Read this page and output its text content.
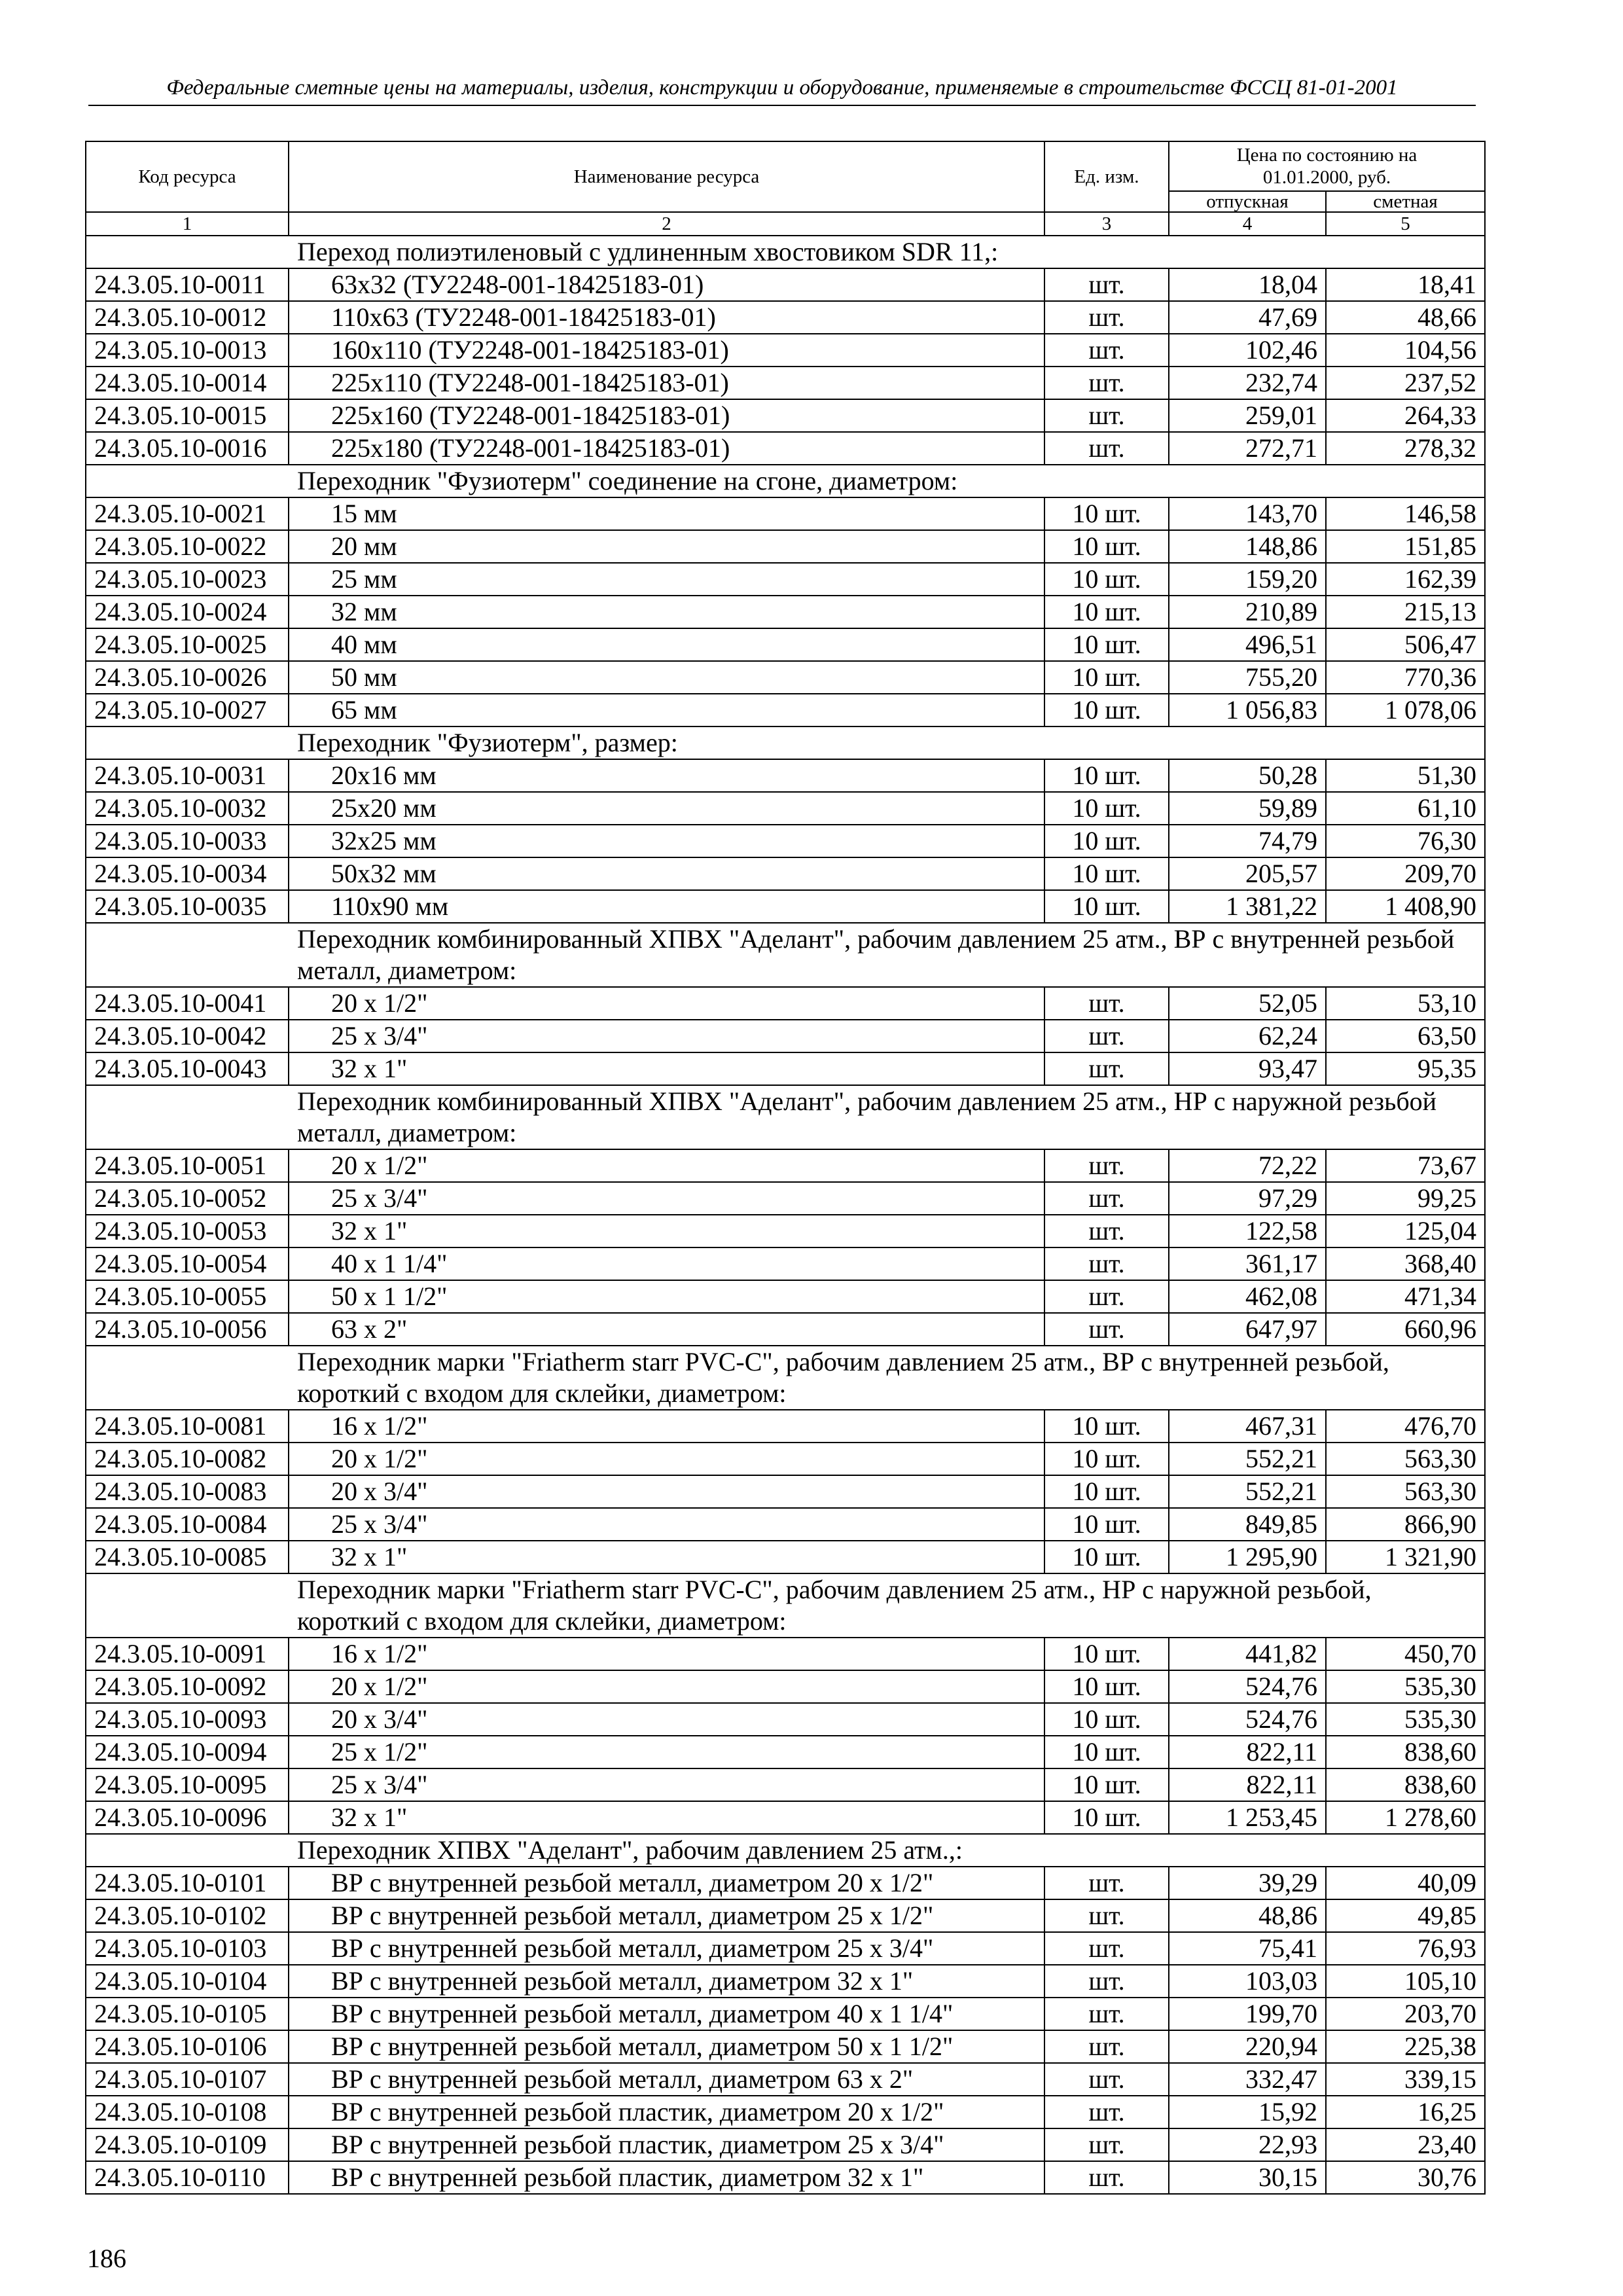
Федеральные сметные цены на материалы, изделия, конструкции и оборудование, применяемые в строительстве ФССЦ 81-01-2001
Код ресурса	Наименование ресурса	Ед. изм.	Цена по состоянию на 01.01.2000, руб.	
			отпускная	сметная
1	2	3	4	5
Переход полиэтиленовый с удлиненным хвостовиком SDR 11,:				
24.3.05.10-0011	63х32 (ТУ2248-001-18425183-01)	шт.	18,04	18,41
24.3.05.10-0012	110х63 (ТУ2248-001-18425183-01)	шт.	47,69	48,66
24.3.05.10-0013	160х110 (ТУ2248-001-18425183-01)	шт.	102,46	104,56
24.3.05.10-0014	225х110 (ТУ2248-001-18425183-01)	шт.	232,74	237,52
24.3.05.10-0015	225х160 (ТУ2248-001-18425183-01)	шт.	259,01	264,33
24.3.05.10-0016	225х180 (ТУ2248-001-18425183-01)	шт.	272,71	278,32
Переходник "Фузиотерм" соединение на сгоне, диаметром:				
24.3.05.10-0021	15 мм	10 шт.	143,70	146,58
24.3.05.10-0022	20 мм	10 шт.	148,86	151,85
24.3.05.10-0023	25 мм	10 шт.	159,20	162,39
24.3.05.10-0024	32 мм	10 шт.	210,89	215,13
24.3.05.10-0025	40 мм	10 шт.	496,51	506,47
24.3.05.10-0026	50 мм	10 шт.	755,20	770,36
24.3.05.10-0027	65 мм	10 шт.	1 056,83	1 078,06
Переходник "Фузиотерм", размер:				
24.3.05.10-0031	20х16 мм	10 шт.	50,28	51,30
24.3.05.10-0032	25х20 мм	10 шт.	59,89	61,10
24.3.05.10-0033	32х25 мм	10 шт.	74,79	76,30
24.3.05.10-0034	50х32 мм	10 шт.	205,57	209,70
24.3.05.10-0035	110х90 мм	10 шт.	1 381,22	1 408,90
Переходник комбинированный ХПВХ "Аделант", рабочим давлением 25 атм., ВР с внутренней резьбой металл, диаметром:				
24.3.05.10-0041	20 х 1/2"	шт.	52,05	53,10
24.3.05.10-0042	25 х 3/4"	шт.	62,24	63,50
24.3.05.10-0043	32 х 1"	шт.	93,47	95,35
Переходник комбинированный ХПВХ "Аделант", рабочим давлением 25 атм., НР с наружной резьбой металл, диаметром:				
24.3.05.10-0051	20 х 1/2"	шт.	72,22	73,67
24.3.05.10-0052	25 х 3/4"	шт.	97,29	99,25
24.3.05.10-0053	32 х 1"	шт.	122,58	125,04
24.3.05.10-0054	40 х 1 1/4"	шт.	361,17	368,40
24.3.05.10-0055	50 х 1 1/2"	шт.	462,08	471,34
24.3.05.10-0056	63 х 2"	шт.	647,97	660,96
Переходник марки "Friatherm starr PVC-C", рабочим давлением 25 атм., ВР с внутренней резьбой, короткий с входом для склейки, диаметром:				
24.3.05.10-0081	16 х 1/2"	10 шт.	467,31	476,70
24.3.05.10-0082	20 х 1/2"	10 шт.	552,21	563,30
24.3.05.10-0083	20 х 3/4"	10 шт.	552,21	563,30
24.3.05.10-0084	25 х 3/4"	10 шт.	849,85	866,90
24.3.05.10-0085	32 х 1"	10 шт.	1 295,90	1 321,90
Переходник марки "Friatherm starr PVC-C", рабочим давлением 25 атм., НР с наружной резьбой, короткий с входом для склейки, диаметром:				
24.3.05.10-0091	16 х 1/2"	10 шт.	441,82	450,70
24.3.05.10-0092	20 х 1/2"	10 шт.	524,76	535,30
24.3.05.10-0093	20 х 3/4"	10 шт.	524,76	535,30
24.3.05.10-0094	25 х 1/2"	10 шт.	822,11	838,60
24.3.05.10-0095	25 х 3/4"	10 шт.	822,11	838,60
24.3.05.10-0096	32 х 1"	10 шт.	1 253,45	1 278,60
Переходник ХПВХ "Аделант", рабочим давлением 25 атм.,:				
24.3.05.10-0101	ВР с внутренней резьбой металл, диаметром 20 х 1/2"	шт.	39,29	40,09
24.3.05.10-0102	ВР с внутренней резьбой металл, диаметром 25 х 1/2"	шт.	48,86	49,85
24.3.05.10-0103	ВР с внутренней резьбой металл, диаметром 25 х 3/4"	шт.	75,41	76,93
24.3.05.10-0104	ВР с внутренней резьбой металл, диаметром 32 х 1"	шт.	103,03	105,10
24.3.05.10-0105	ВР с внутренней резьбой металл, диаметром 40 х 1 1/4"	шт.	199,70	203,70
24.3.05.10-0106	ВР с внутренней резьбой металл, диаметром 50 х 1 1/2"	шт.	220,94	225,38
24.3.05.10-0107	ВР с внутренней резьбой металл, диаметром 63 х 2"	шт.	332,47	339,15
24.3.05.10-0108	ВР с внутренней резьбой пластик, диаметром 20 х 1/2"	шт.	15,92	16,25
24.3.05.10-0109	ВР с внутренней резьбой пластик, диаметром 25 х 3/4"	шт.	22,93	23,40
24.3.05.10-0110	ВР с внутренней резьбой пластик, диаметром 32 х 1"	шт.	30,15	30,76
186
